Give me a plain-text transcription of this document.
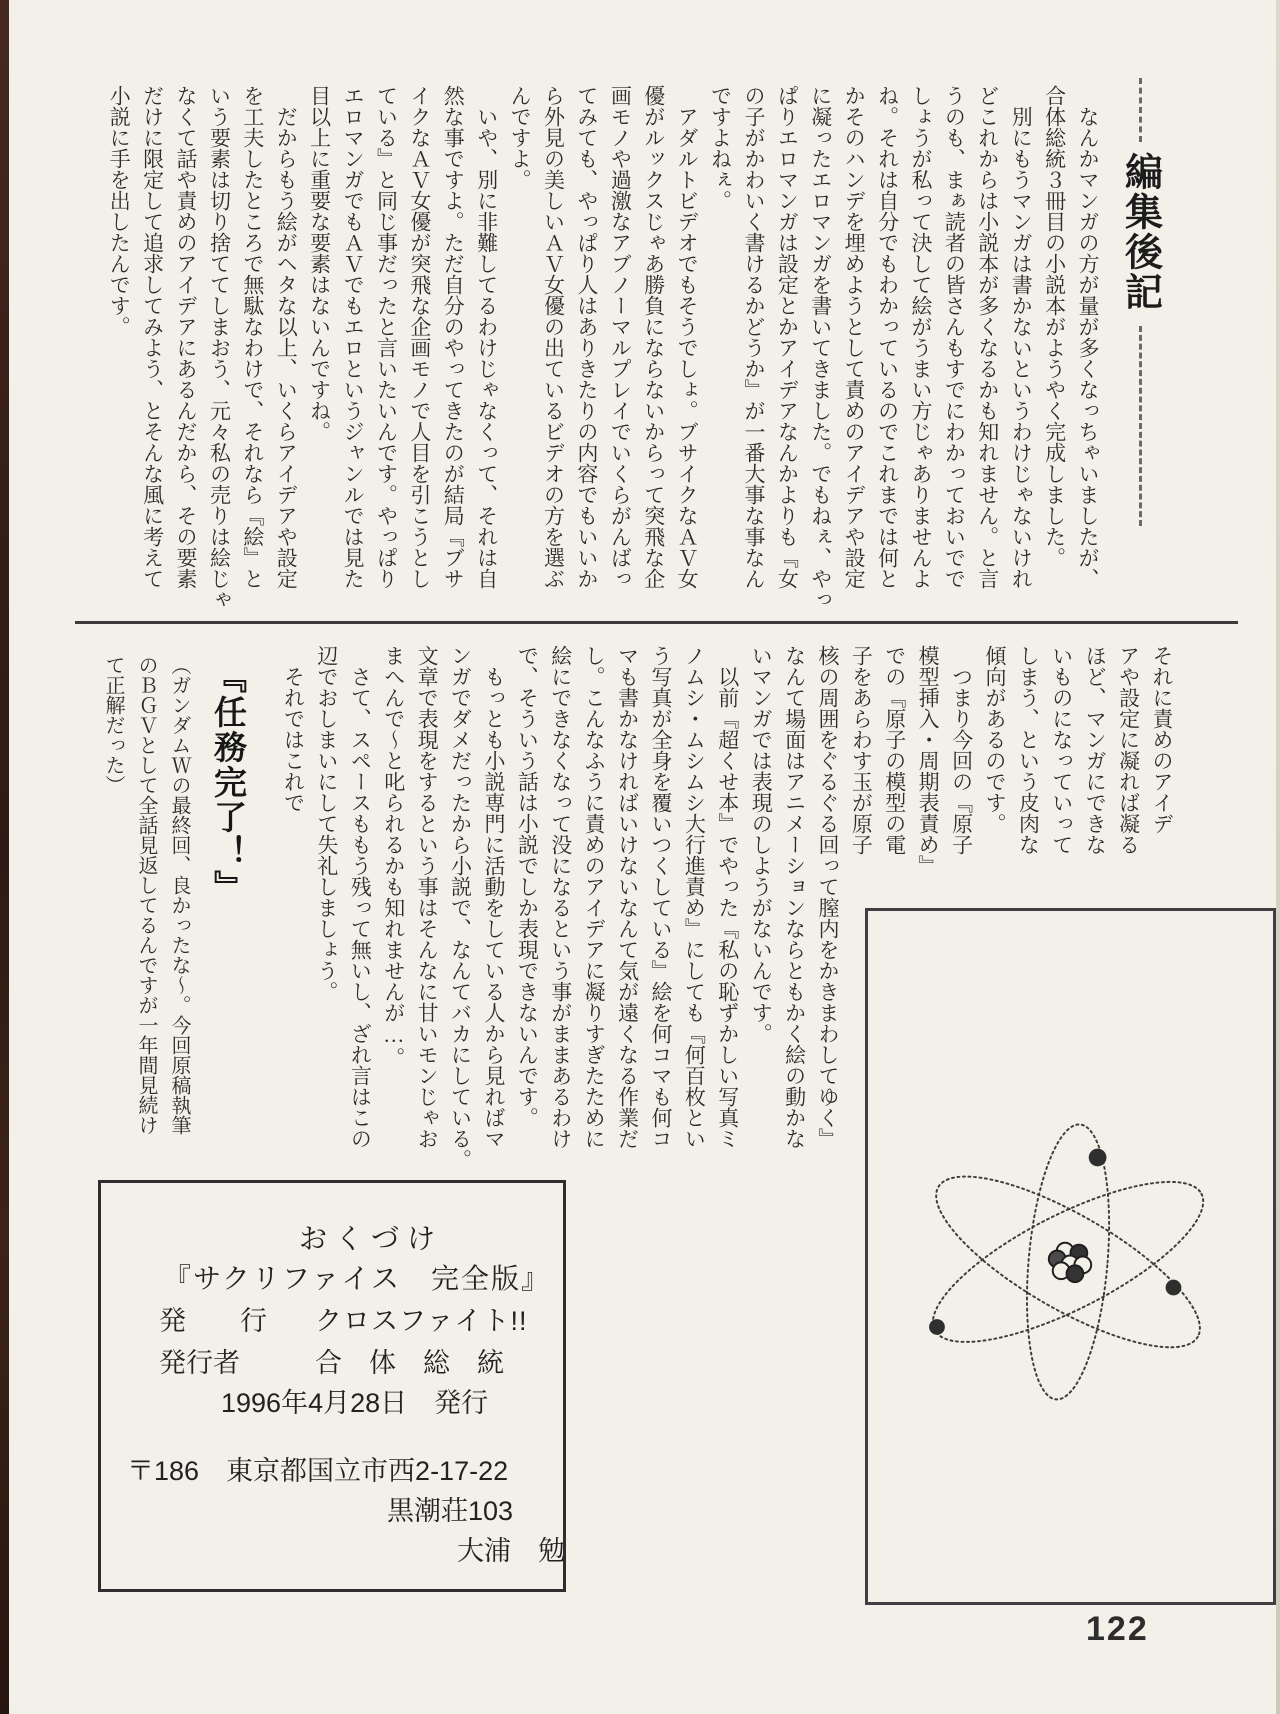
編集後記
　なんかマンガの方が量が多くなっちゃいましたが、
合体総統３冊目の小説本がようやく完成しました。
　別にもうマンガは書かないというわけじゃないけれ
どこれからは小説本が多くなるかも知れません。と言
うのも、まぁ読者の皆さんもすでにわかっておいでで
しょうが私って決して絵がうまい方じゃありませんよ
ね。それは自分でもわかっているのでこれまでは何と
かそのハンデを埋めようとして責めのアイデアや設定
に凝ったエロマンガを書いてきました。でもねぇ、やっ
ぱりエロマンガは設定とかアイデアなんかよりも『女
の子がかわいく書けるかどうか』が一番大事な事なん
ですよねぇ。
　アダルトビデオでもそうでしょ。ブサイクなＡＶ女
優がルックスじゃあ勝負にならないからって突飛な企
画モノや過激なアブノーマルプレイでいくらがんばっ
てみても、やっぱり人はありきたりの内容でもいいか
ら外見の美しいＡＶ女優の出ているビデオの方を選ぶ
んですよ。
　いや、別に非難してるわけじゃなくって、それは自
然な事ですよ。ただ自分のやってきたのが結局『ブサ
イクなＡＶ女優が突飛な企画モノで人目を引こうとし
ている』と同じ事だったと言いたいんです。やっぱり
エロマンガでもＡＶでもエロというジャンルでは見た
目以上に重要な要素はないんですね。
　だからもう絵がヘタな以上、いくらアイデアや設定
を工夫したところで無駄なわけで、それなら『絵』と
いう要素は切り捨ててしまおう、元々私の売りは絵じゃ
なくて話や責めのアイデアにあるんだから、その要素
だけに限定して追求してみよう、とそんな風に考えて
小説に手を出したんです。
それに責めのアイデ
アや設定に凝れば凝る
ほど、マンガにできな
いものになっていって
しまう、という皮肉な
傾向があるのです。
　つまり今回の『原子
模型挿入・周期表責め』
での『原子の模型の電
子をあらわす玉が原子
核の周囲をぐるぐる回って膣内をかきまわしてゆく』
なんて場面はアニメーションならともかく絵の動かな
いマンガでは表現のしようがないんです。
　以前『超くせ本』でやった『私の恥ずかしい写真ミ
ノムシ・ムシムシ大行進責め』にしても『何百枚とい
う写真が全身を覆いつくしている』絵を何コマも何コ
マも書かなければいけないなんて気が遠くなる作業だ
し。こんなふうに責めのアイデアに凝りすぎたために
絵にできなくなって没になるという事がままあるわけ
で、そういう話は小説でしか表現できないんです。
　もっとも小説専門に活動をしている人から見ればマ
ンガでダメだったから小説で、なんてバカにしている。
文章で表現をするという事はそんなに甘いモンじゃお
まへんで〜と叱られるかも知れませんが…。
　さて、スペースももう残って無いし、ざれ言はこの
辺でおしまいにして失礼しましょう。
　それではこれで
『任務完了！』
（ガンダムＷの最終回、良かったな〜。今回原稿執筆
のＢＧＶとして全話見返してるんですが一年間見続け
て正解だった）
おくづけ
『サクリファイス　完全版』
発　　行 クロスファイト!!
発行者	合　体　総　統
1996年4月28日　発行
〒186　東京都国立市西2-17-22
黒潮荘103
大浦　勉
122
